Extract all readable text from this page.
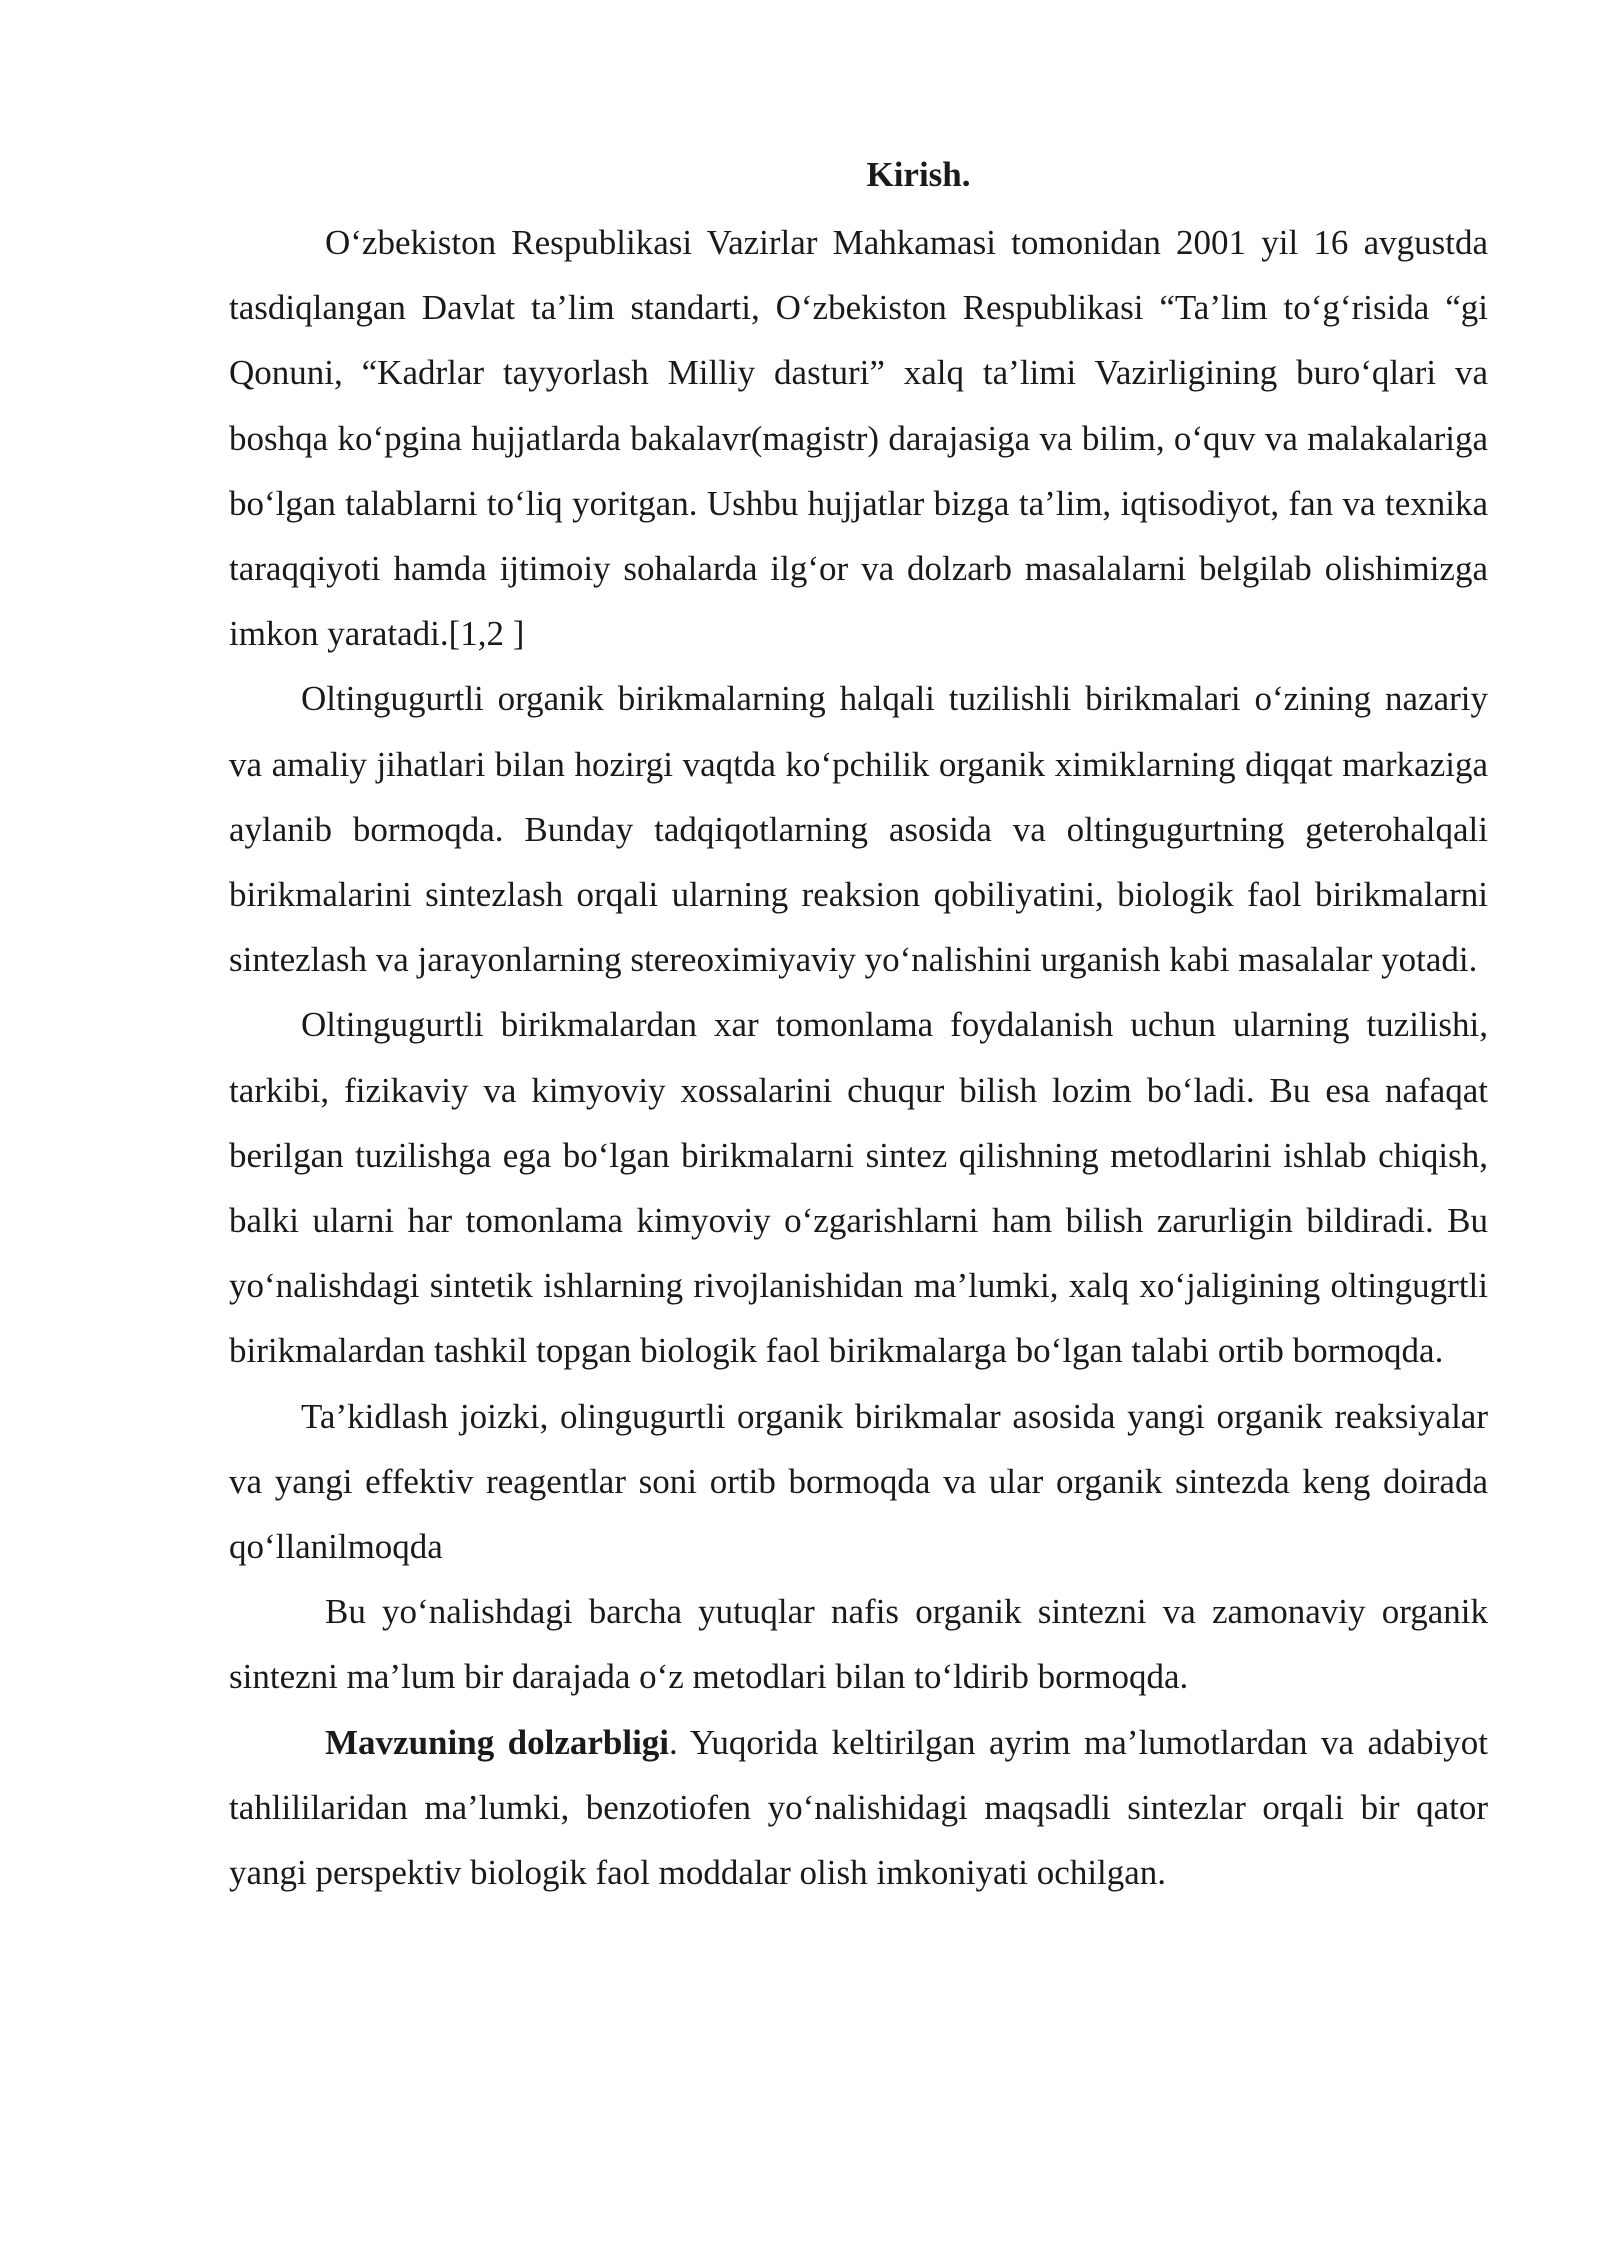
Kirish.

O‘zbekiston Respublikasi Vazirlar Mahkamasi tomonidan 2001 yil 16 avgustda tasdiqlangan Davlat ta’lim standarti, O‘zbekiston Respublikasi “Ta’lim to‘g‘risida “gi Qonuni, “Kadrlar tayyorlash Milliy dasturi” xalq ta’limi Vazirligining buro‘qlari va boshqa ko‘pgina hujjatlarda bakalavr(magistr) darajasiga va bilim, o‘quv va malakalariga bo‘lgan talablarni to‘liq yoritgan. Ushbu hujjatlar bizga ta’lim, iqtisodiyot, fan va texnika taraqqiyoti hamda ijtimoiy sohalarda ilg‘or va dolzarb masalalarni belgilab olishimizga imkon yaratadi.[1,2 ]

Oltingugurtli organik birikmalarning halqali tuzilishli birikmalari o‘zining nazariy va amaliy jihatlari bilan hozirgi vaqtda ko‘pchilik organik ximiklarning diqqat markaziga aylanib bormoqda. Bunday tadqiqotlarning asosida va oltingugurtning geterohalqali birikmalarini sintezlash orqali ularning reaksion qobiliyatini, biologik faol birikmalarni sintezlash va jarayonlarning stereoximiyaviy yo‘nalishini urganish kabi masalalar yotadi.

Oltingugurtli birikmalardan xar tomonlama foydalanish uchun ularning tuzilishi, tarkibi, fizikaviy va kimyoviy xossalarini chuqur bilish lozim bo‘ladi. Bu esa nafaqat berilgan tuzilishga ega bo‘lgan birikmalarni sintez qilishning metodlarini ishlab chiqish, balki ularni har tomonlama kimyoviy o‘zgarishlarni ham bilish zarurligin bildiradi. Bu yo‘nalishdagi sintetik ishlarning rivojlanishidan ma’lumki, xalq xo‘jaligining oltingugrtli birikmalardan tashkil topgan biologik faol birikmalarga bo‘lgan talabi ortib bormoqda.

Ta’kidlash joizki, olingugurtli organik birikmalar asosida yangi organik reaksiyalar va yangi effektiv reagentlar soni ortib bormoqda va ular organik sintezda keng doirada qo‘llanilmoqda

Bu yo‘nalishdagi barcha yutuqlar nafis organik sintezni va zamonaviy organik sintezni ma’lum bir darajada o‘z metodlari bilan to‘ldirib bormoqda.

Mavzuning dolzarbligi. Yuqorida keltirilgan ayrim ma’lumotlardan va adabiyot tahlililaridan ma’lumki, benzotiofen yo‘nalishidagi maqsadli sintezlar orqali bir qator yangi perspektiv biologik faol moddalar olish imkoniyati ochilgan.
